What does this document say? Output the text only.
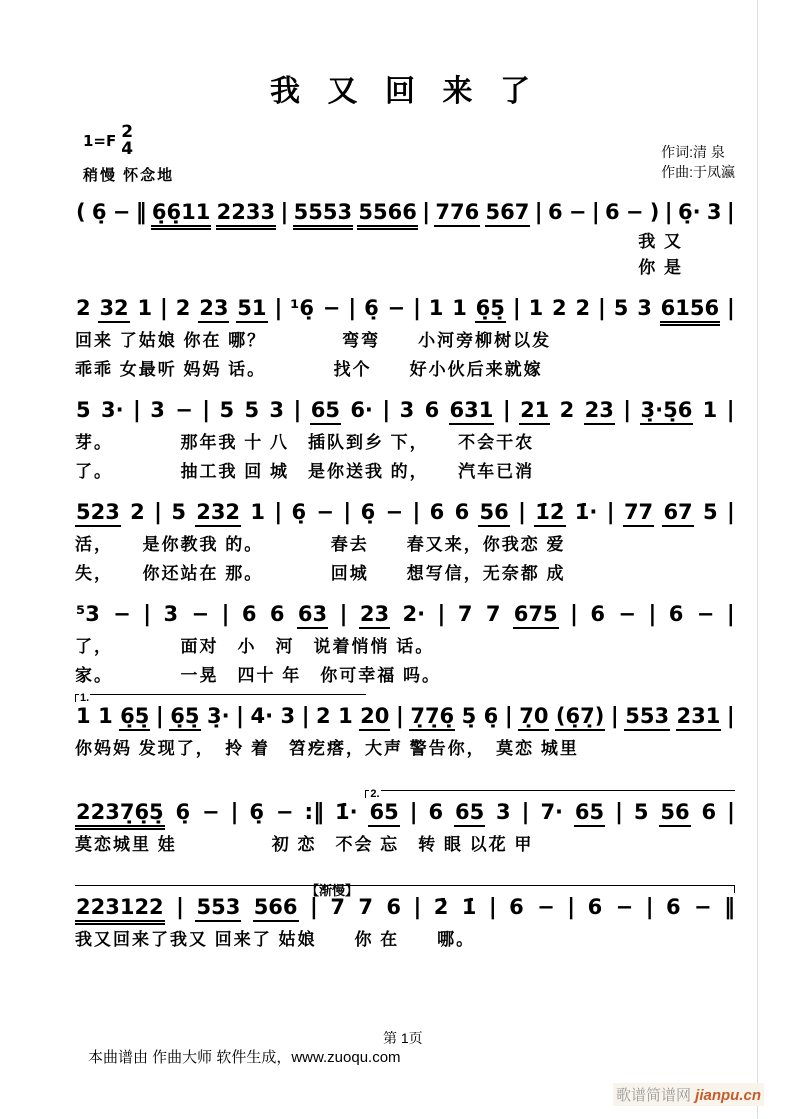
我 又 回 来 了
1=F 2
4
稍慢 怀念地
作词:清 泉
作曲:于凤瀛
( 6̣ − ‖ 6̣6̣11 2233 | 5553 5566 | 776 567 | 6 − | 6 − ) | 6̣· 3 |
我 又
你 是
2 32 1 | 2 23 51 | ¹6̣ − | 6̣ − | 1 1 6̣5̣ | 1 2 2 | 5 3 6156 |
回来 了姑娘 你在 哪？　　　　弯弯　　小河旁柳树以发
乖乖 女最听 妈妈 话。　　　　找个　　好小伙后来就嫁
5 3· | 3 − | 5 5 3 | 65 6· | 3 6 631 | 21 2 23 | 3̣·5̣6 1 |
芽。　　　　那年我 十 八　插队到乡 下，　　不会干农
了。　　　　抽工我 回 城　是你送我 的，　　汽车已消
523 2 | 5 232 1 | 6̣ − | 6̣ − | 6 6 56 | 1̇2̇ 1̇· | 77 67 5 |
活，　　是你教我 的。　　　　春去　　春又来，你我恋 爱
失，　　你还站在 那。　　　　回城　　想写信，无奈都 成
⁵3 − | 3 − | 6 6 63 | 23 2· | 7 7 675 | 6 − | 6 − |
了，　　　　面对　小　河　说着悄悄 话。
家。　　　　一晃　四十 年　你可幸福 吗。
1.
1 1 6̣5̣ | 6̣5̣ 3̣· | 4· 3 | 2 1 20 | 7̣7̣6̣ 5̣ 6̣ | 7̣0 (6̣7̣) | 553 231 |
你妈妈 发现了，　拎 着　笤疙瘩，大声 警告你，　莫恋 城里
2.
2237̣6̣5̣ 6̣ − | 6̣ − :‖ 1̇· 65 | 6 65 3 | 7· 65 | 5 56 6 |
莫恋城里 娃　　　　　初 恋　不会 忘　转 眼 以花 甲
【渐慢】
223122 | 553 566 | 7 7 6 | 2̇ 1̇ | 6 − | 6 − | 6 − ‖
我又回来了我又 回来了 姑娘　　你 在　　哪。
第 1页
本曲谱由 作曲大师 软件生成，www.zuoqu.com
歌谱简谱网 jianpu.cn
